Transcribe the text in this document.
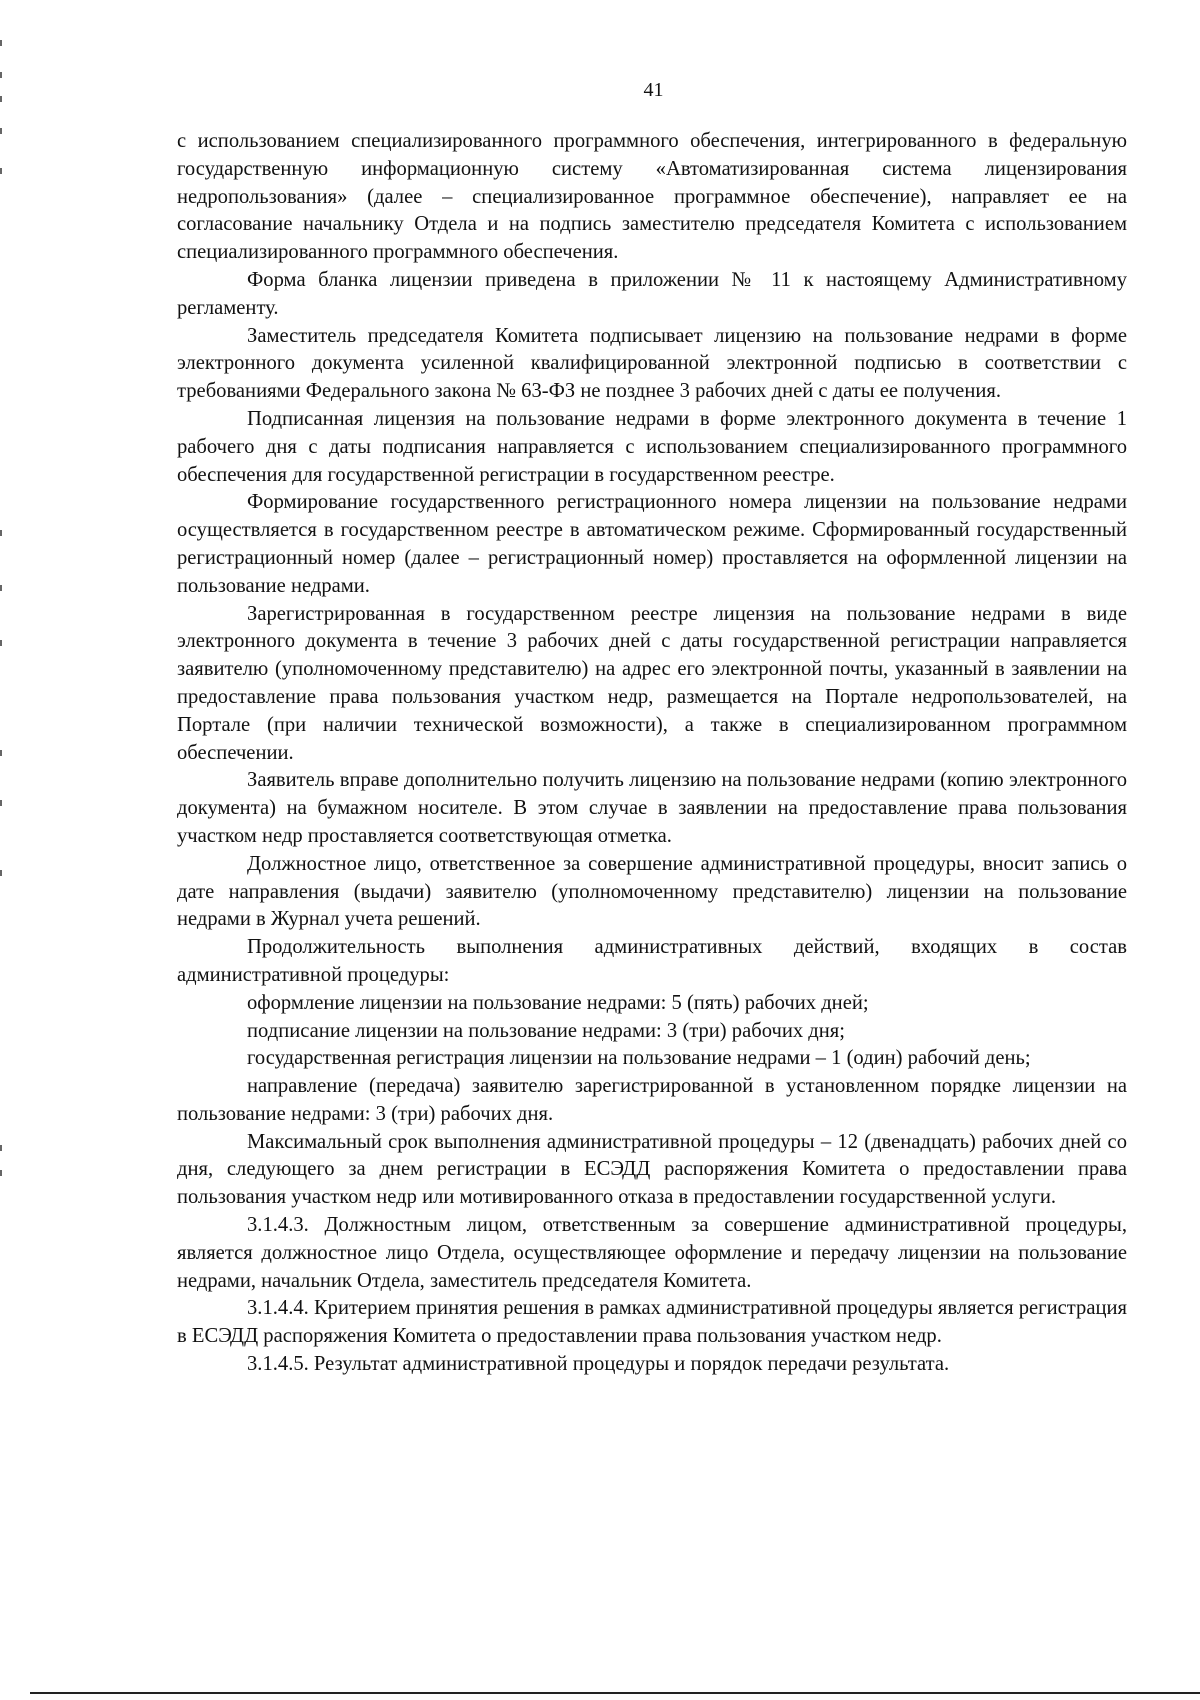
41

с использованием специализированного программного обеспечения, интегрированного в федеральную государственную информационную систему «Автоматизированная система лицензирования недропользования» (далее – специализированное программное обеспечение), направляет ее на согласование начальнику Отдела и на подпись заместителю председателя Комитета с использованием специализированного программного обеспечения.

Форма бланка лицензии приведена в приложении № 11 к настоящему Административному регламенту.

Заместитель председателя Комитета подписывает лицензию на пользование недрами в форме электронного документа усиленной квалифицированной электронной подписью в соответствии с требованиями Федерального закона № 63-ФЗ не позднее 3 рабочих дней с даты ее получения.

Подписанная лицензия на пользование недрами в форме электронного документа в течение 1 рабочего дня с даты подписания направляется с использованием специализированного программного обеспечения для государственной регистрации в государственном реестре.

Формирование государственного регистрационного номера лицензии на пользование недрами осуществляется в государственном реестре в автоматическом режиме. Сформированный государственный регистрационный номер (далее – регистрационный номер) проставляется на оформленной лицензии на пользование недрами.

Зарегистрированная в государственном реестре лицензия на пользование недрами в виде электронного документа в течение 3 рабочих дней с даты государственной регистрации направляется заявителю (уполномоченному представителю) на адрес его электронной почты, указанный в заявлении на предоставление права пользования участком недр, размещается на Портале недропользователей, на Портале (при наличии технической возможности), а также в специализированном программном обеспечении.

Заявитель вправе дополнительно получить лицензию на пользование недрами (копию электронного документа) на бумажном носителе. В этом случае в заявлении на предоставление права пользования участком недр проставляется соответствующая отметка.

Должностное лицо, ответственное за совершение административной процедуры, вносит запись о дате направления (выдачи) заявителю (уполномоченному представителю) лицензии на пользование недрами в Журнал учета решений.

Продолжительность выполнения административных действий, входящих в состав административной процедуры:

оформление лицензии на пользование недрами: 5 (пять) рабочих дней;

подписание лицензии на пользование недрами: 3 (три) рабочих дня;

государственная регистрация лицензии на пользование недрами – 1 (один) рабочий день;

направление (передача) заявителю зарегистрированной в установленном порядке лицензии на пользование недрами: 3 (три) рабочих дня.

Максимальный срок выполнения административной процедуры – 12 (двенадцать) рабочих дней со дня, следующего за днем регистрации в ЕСЭДД распоряжения Комитета о предоставлении права пользования участком недр или мотивированного отказа в предоставлении государственной услуги.

3.1.4.3. Должностным лицом, ответственным за совершение административной процедуры, является должностное лицо Отдела, осуществляющее оформление и передачу лицензии на пользование недрами, начальник Отдела, заместитель председателя Комитета.

3.1.4.4. Критерием принятия решения в рамках административной процедуры является регистрация в ЕСЭДД распоряжения Комитета о предоставлении права пользования участком недр.

3.1.4.5. Результат административной процедуры и порядок передачи результата.
